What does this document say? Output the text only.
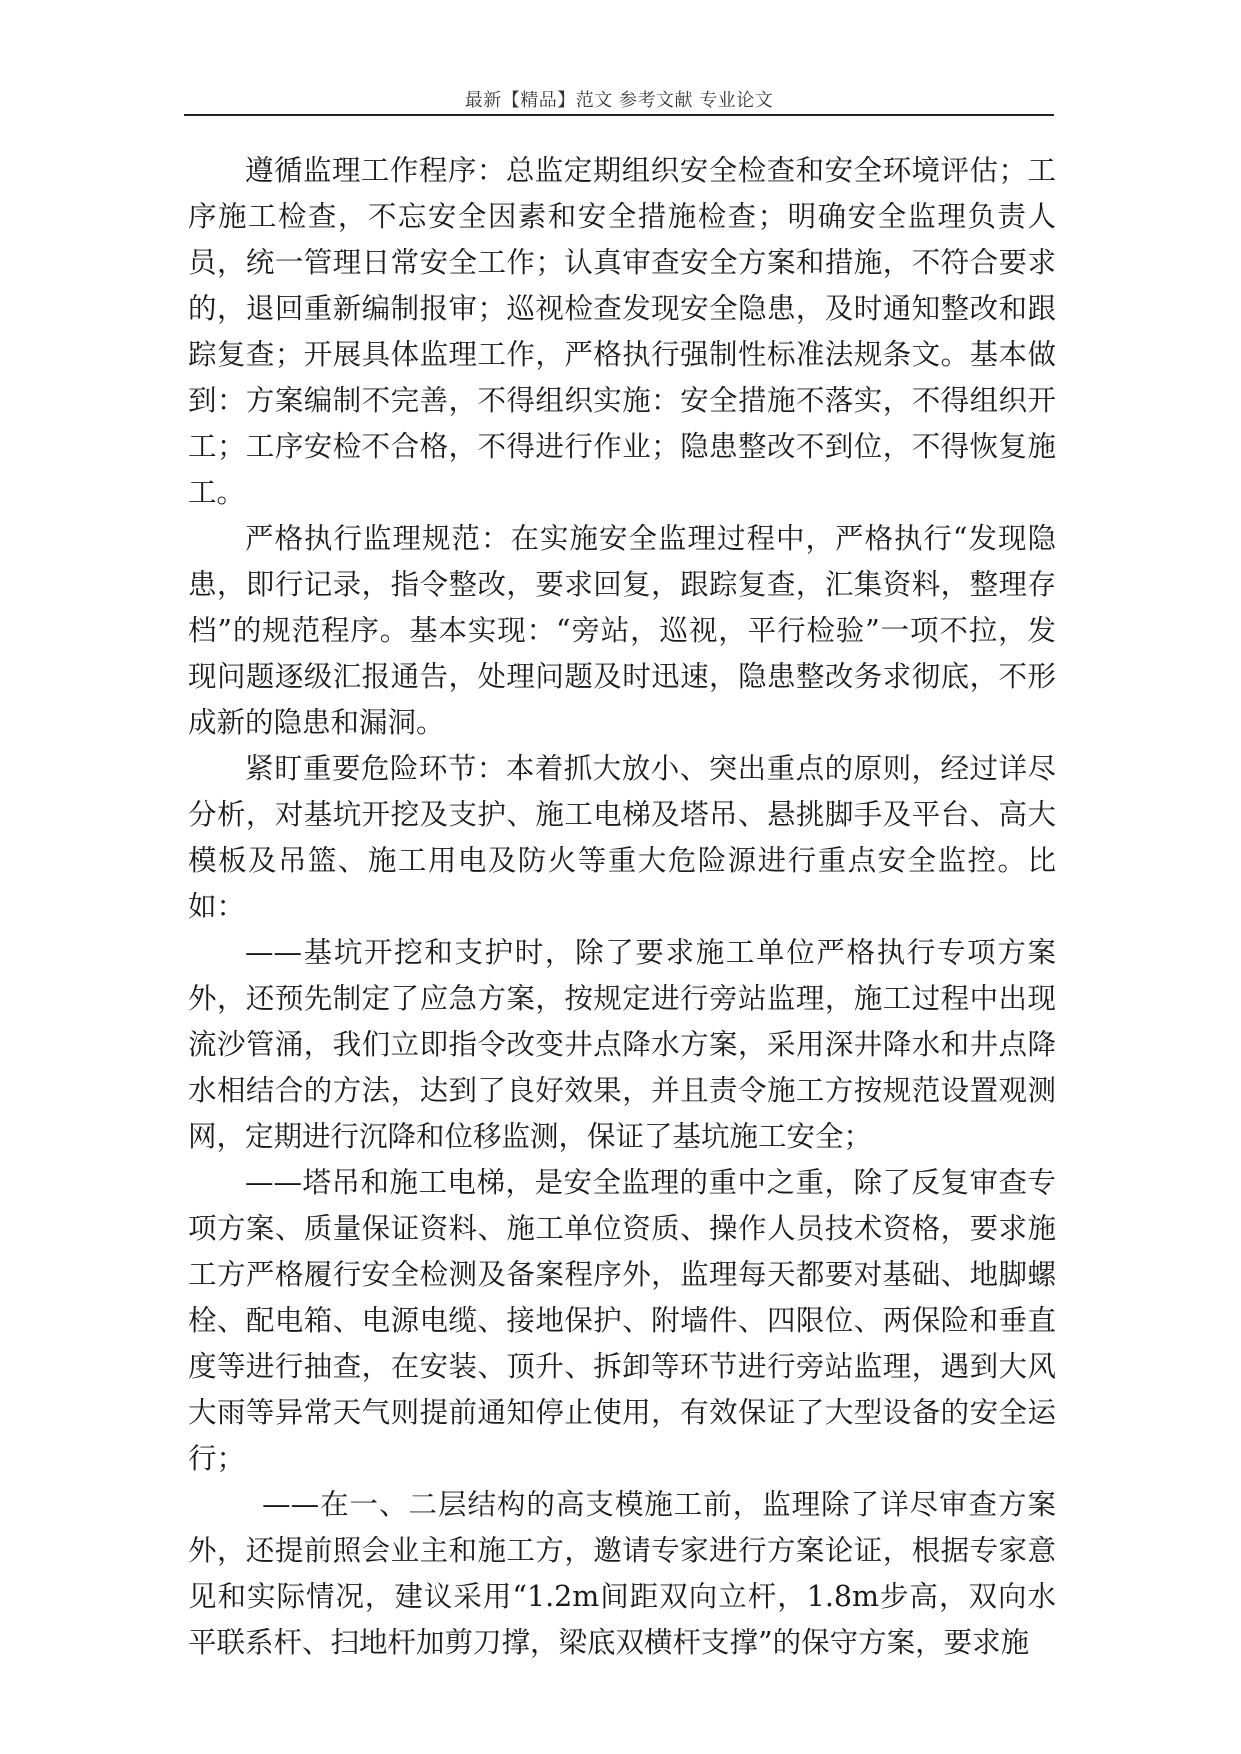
最新【精品】范文 参考文献 专业论文

遵循监理工作程序：总监定期组织安全检查和安全环境评估；工序施工检查，不忘安全因素和安全措施检查；明确安全监理负责人员，统一管理日常安全工作；认真审查安全方案和措施，不符合要求的，退回重新编制报审；巡视检查发现安全隐患，及时通知整改和跟踪复查；开展具体监理工作，严格执行强制性标准法规条文。基本做到：方案编制不完善，不得组织实施：安全措施不落实，不得组织开工；工序安检不合格，不得进行作业；隐患整改不到位，不得恢复施工。

严格执行监理规范：在实施安全监理过程中，严格执行“发现隐患，即行记录，指令整改，要求回复，跟踪复查，汇集资料，整理存档”的规范程序。基本实现：“旁站，巡视，平行检验”一项不拉，发现问题逐级汇报通告，处理问题及时迅速，隐患整改务求彻底，不形成新的隐患和漏洞。

紧盯重要危险环节：本着抓大放小、突出重点的原则，经过详尽分析，对基坑开挖及支护、施工电梯及塔吊、悬挑脚手及平台、高大模板及吊篮、施工用电及防火等重大危险源进行重点安全监控。比如：

——基坑开挖和支护时，除了要求施工单位严格执行专项方案外，还预先制定了应急方案，按规定进行旁站监理，施工过程中出现流沙管涌，我们立即指令改变井点降水方案，采用深井降水和井点降水相结合的方法，达到了良好效果，并且责令施工方按规范设置观测网，定期进行沉降和位移监测，保证了基坑施工安全；

——塔吊和施工电梯，是安全监理的重中之重，除了反复审查专项方案、质量保证资料、施工单位资质、操作人员技术资格，要求施工方严格履行安全检测及备案程序外，监理每天都要对基础、地脚螺栓、配电箱、电源电缆、接地保护、附墙件、四限位、两保险和垂直度等进行抽查，在安装、顶升、拆卸等环节进行旁站监理，遇到大风大雨等异常天气则提前通知停止使用，有效保证了大型设备的安全运行；

——在一、二层结构的高支模施工前，监理除了详尽审查方案外，还提前照会业主和施工方，邀请专家进行方案论证，根据专家意见和实际情况，建议采用“1.2m间距双向立杆，1.8m步高，双向水平联系杆、扫地杆加剪刀撑，梁底双横杆支撑”的保守方案，要求施
